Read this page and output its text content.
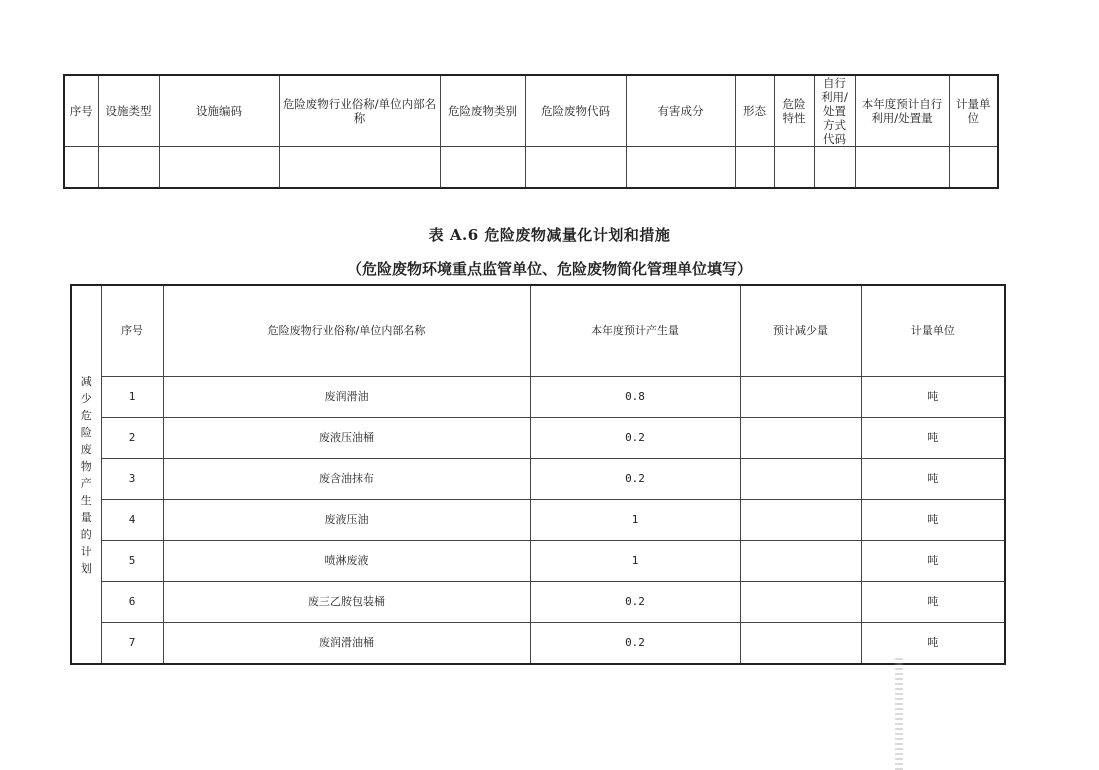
序号	设施类型	设施编码	危险废物行业俗称/单位内部名称	危险废物类别	危险废物代码	有害成分	形态	危险特性	自行利用/处置方式代码	本年度预计自行利用/处置量	计量单位

表 A.6 危险废物减量化计划和措施
（危险废物环境重点监管单位、危险废物简化管理单位填写）
减少危险废物产生量的计划	序号	危险废物行业俗称/单位内部名称	本年度预计产生量	预计减少量	计量单位
	1	废润滑油	0.8		吨
	2	废液压油桶	0.2		吨
	3	废含油抹布	0.2		吨
	4	废液压油	1		吨
	5	喷淋废液	1		吨
	6	废三乙胺包装桶	0.2		吨
	7	废润滑油桶	0.2		吨
